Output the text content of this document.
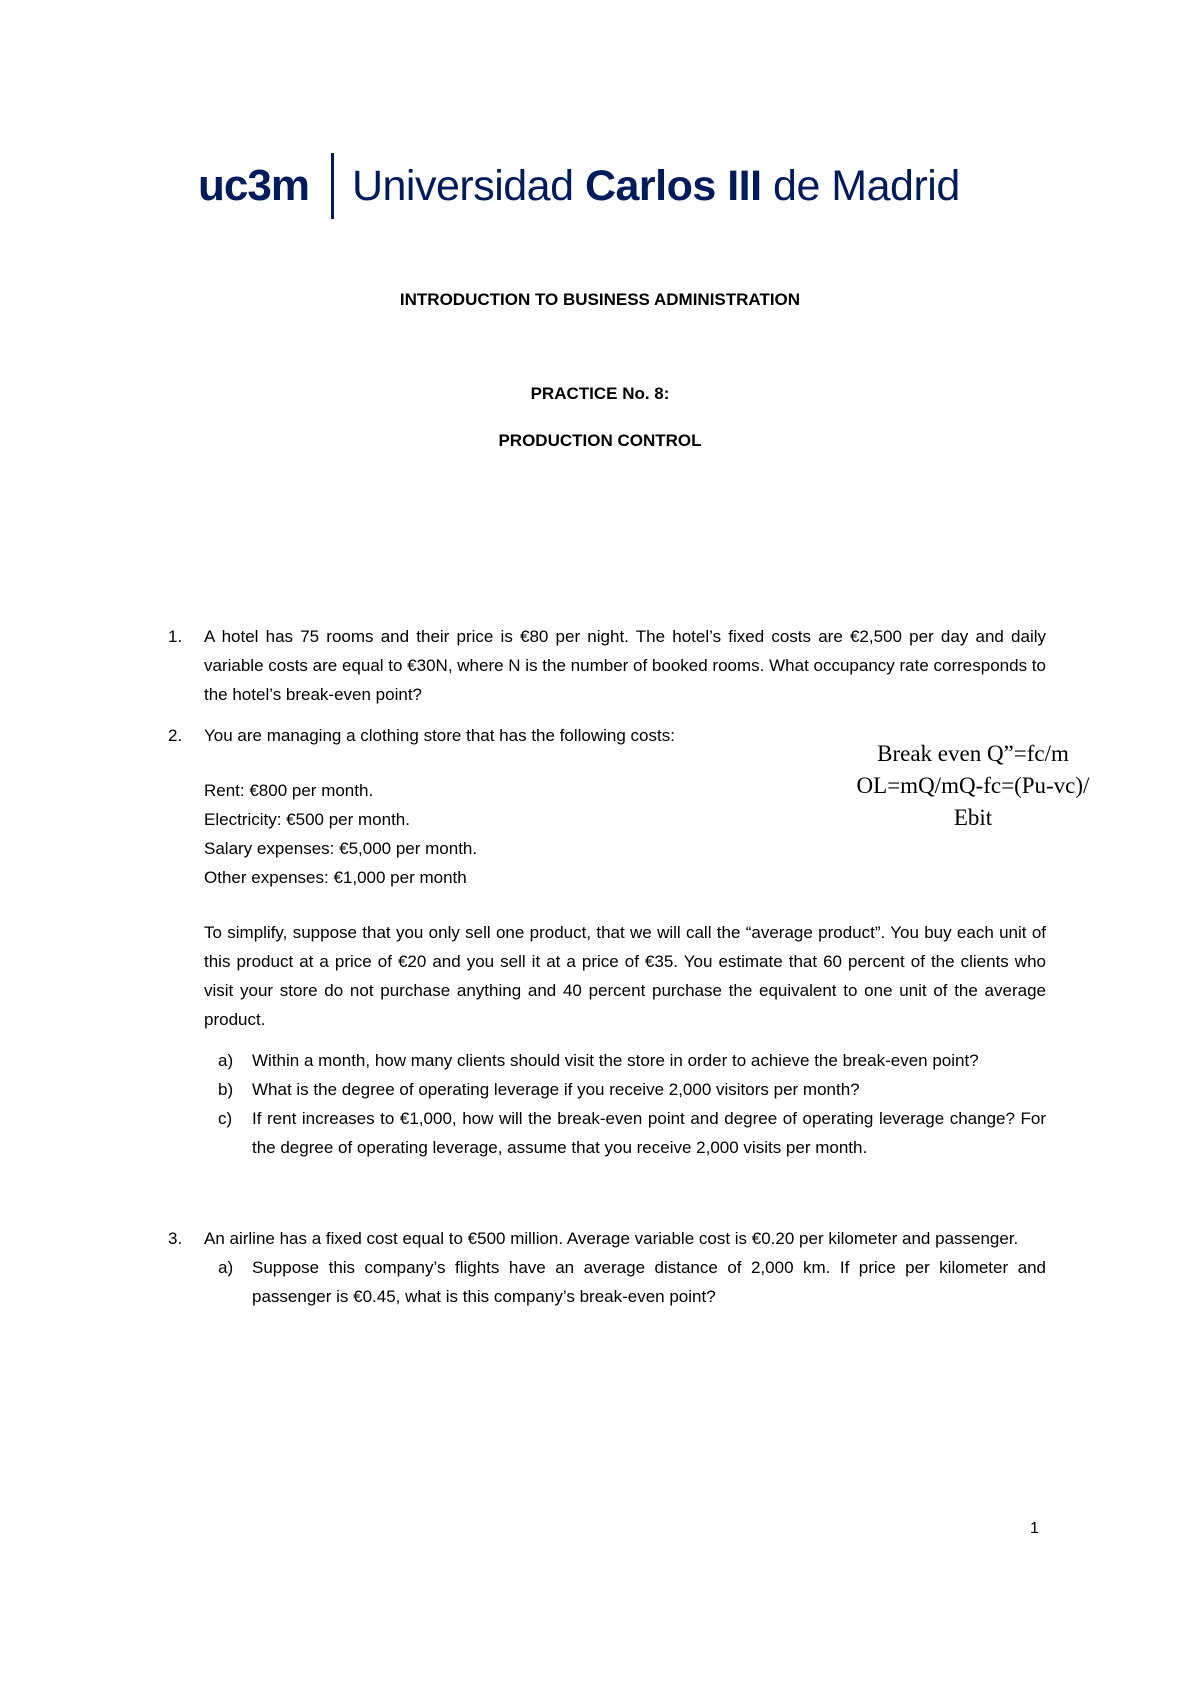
uc3m Universidad Carlos III de Madrid
INTRODUCTION TO BUSINESS ADMINISTRATION
PRACTICE No. 8:
PRODUCTION CONTROL
1. A hotel has 75 rooms and their price is €80 per night. The hotel’s fixed costs are €2,500 per day and daily variable costs are equal to €30N, where N is the number of booked rooms. What occupancy rate corresponds to the hotel’s break-even point?
2. You are managing a clothing store that has the following costs:
Rent: €800 per month.
Electricity: €500 per month.
Salary expenses: €5,000 per month.
Other expenses: €1,000 per month
To simplify, suppose that you only sell one product, that we will call the “average product”. You buy each unit of this product at a price of €20 and you sell it at a price of €35. You estimate that 60 percent of the clients who visit your store do not purchase anything and 40 percent purchase the equivalent to one unit of the average product.
a) Within a month, how many clients should visit the store in order to achieve the break-even point?
b) What is the degree of operating leverage if you receive 2,000 visitors per month?
c) If rent increases to €1,000, how will the break-even point and degree of operating leverage change? For the degree of operating leverage, assume that you receive 2,000 visits per month.
3. An airline has a fixed cost equal to €500 million. Average variable cost is €0.20 per kilometer and passenger.
a) Suppose this company’s flights have an average distance of 2,000 km. If price per kilometer and passenger is €0.45, what is this company’s break-even point?
Break even Q”=fc/m
OL=mQ/mQ-fc=(Pu-vc)/
Ebit
1
